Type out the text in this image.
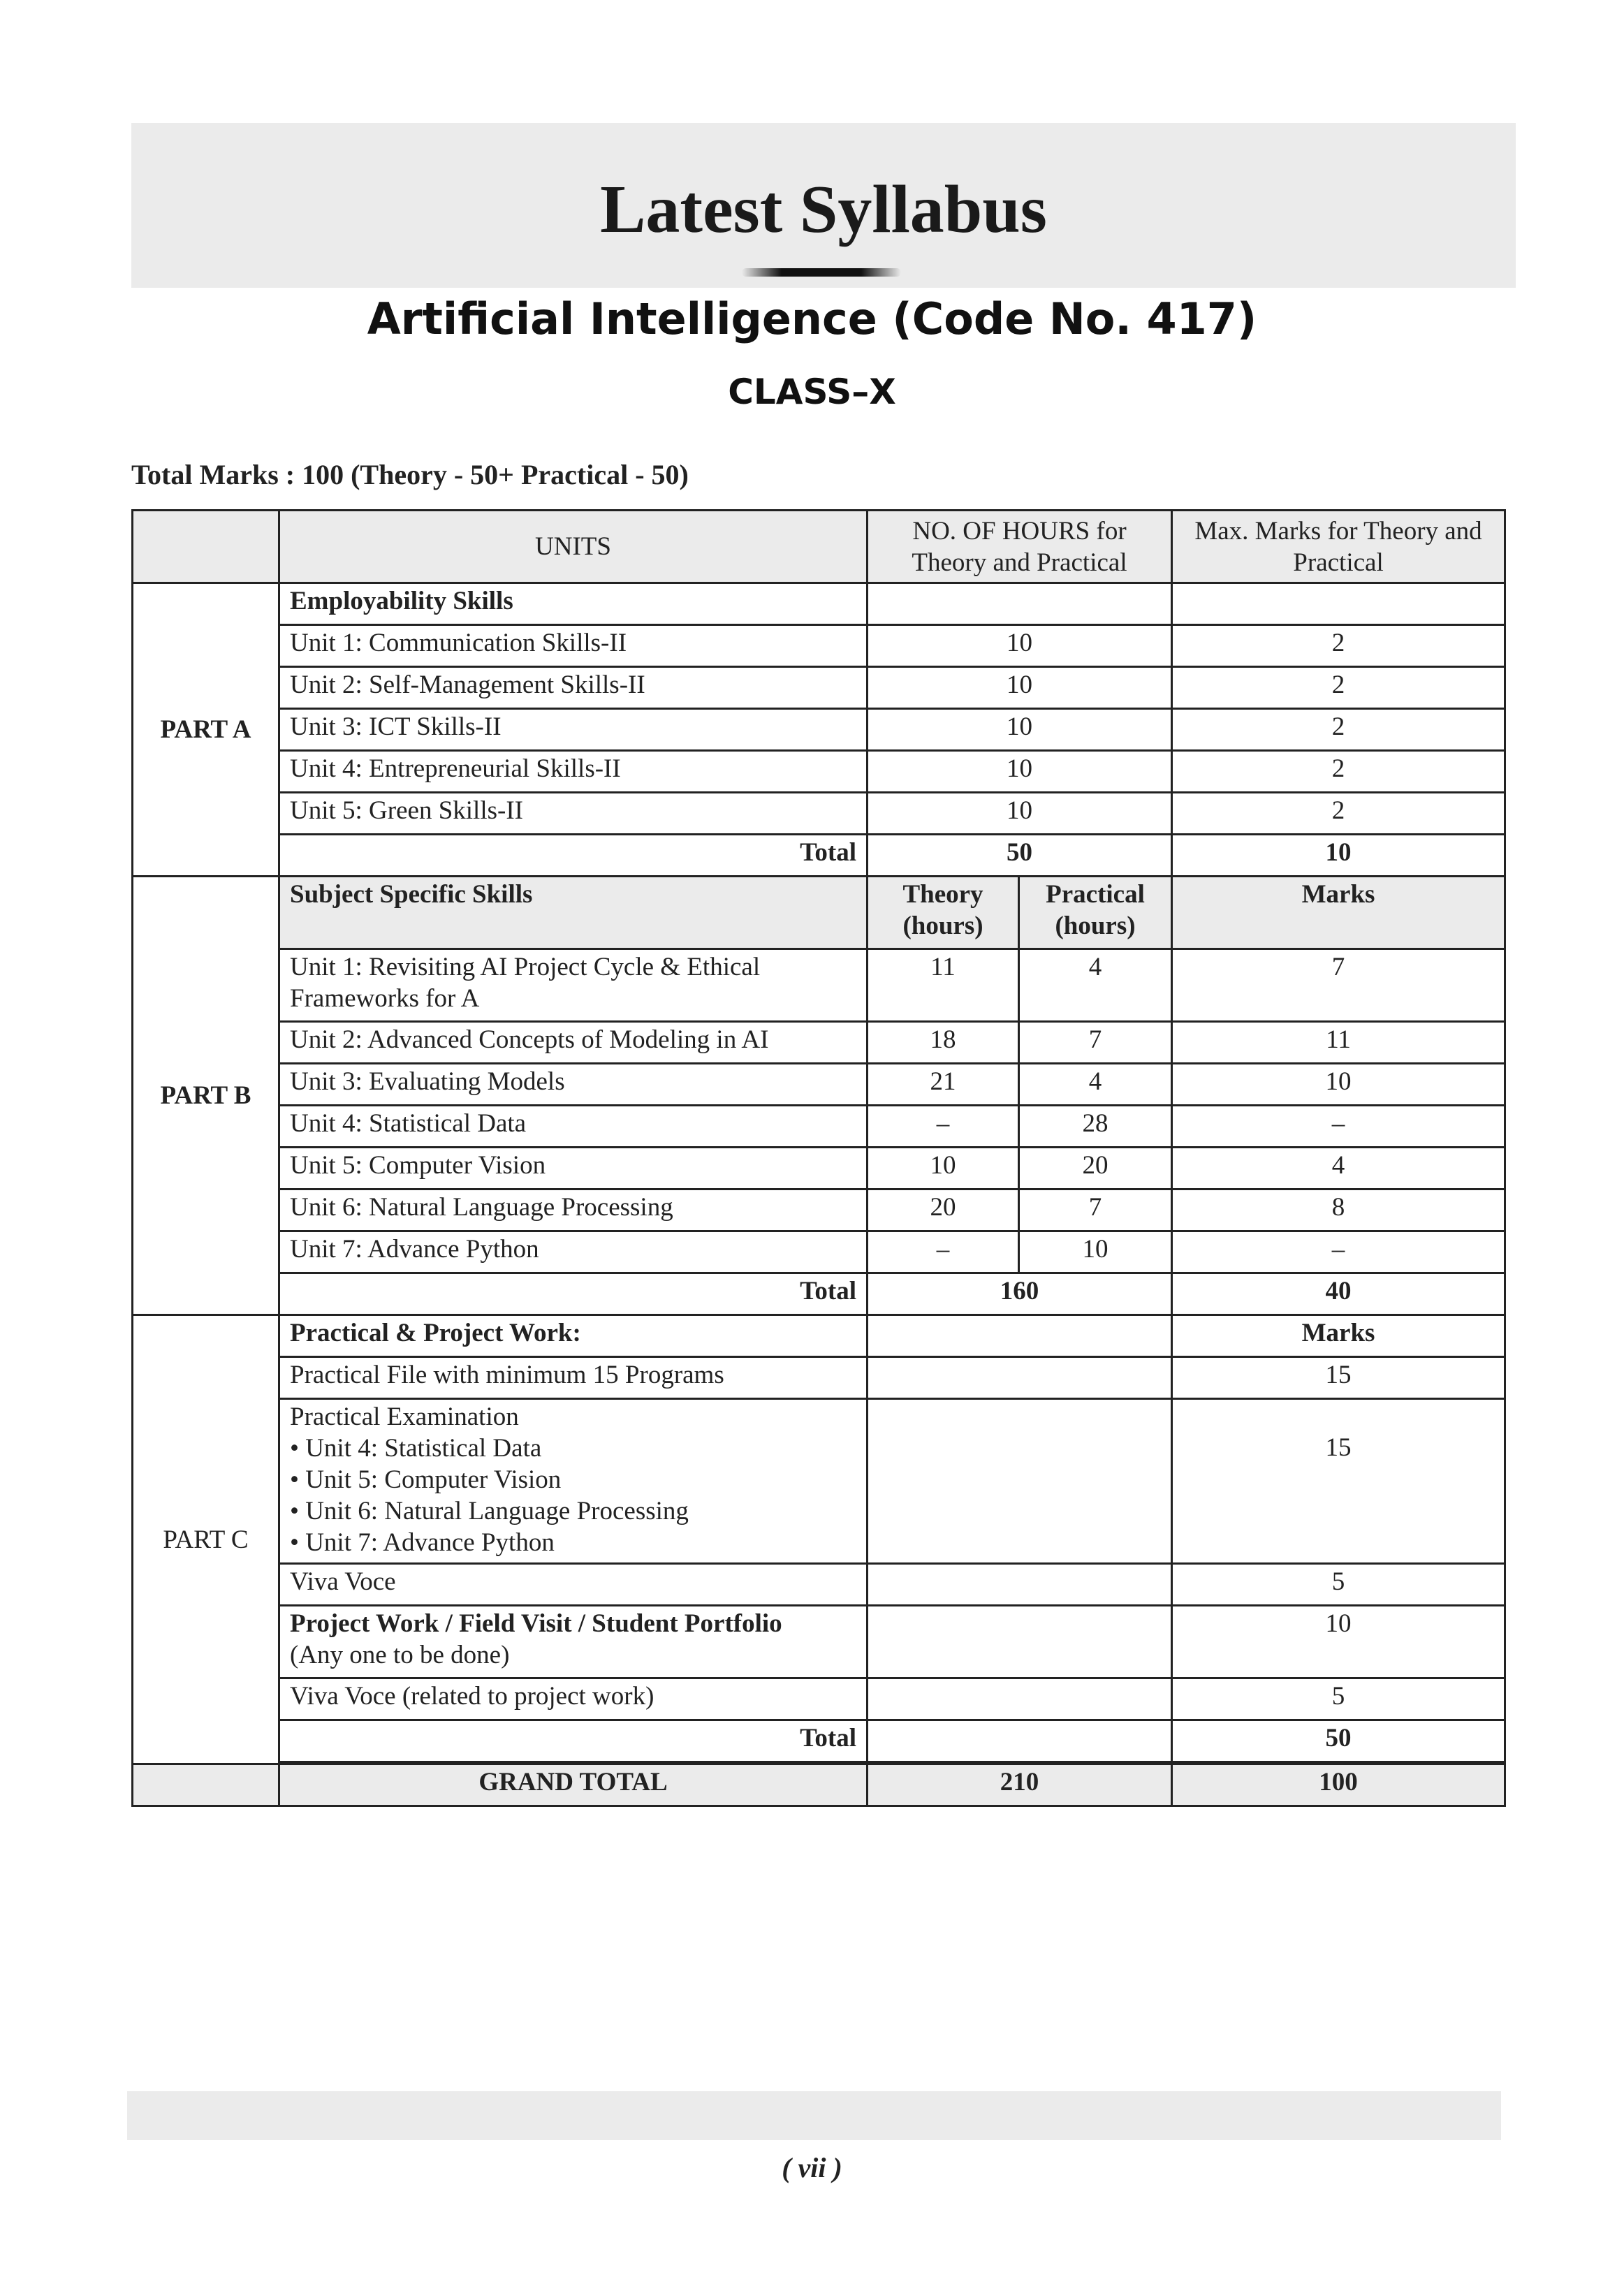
Latest Syllabus
Artificial Intelligence (Code No. 417)
CLASS–X
Total Marks : 100 (Theory - 50+ Practical - 50)
	UNITS	NO. OF HOURS for Theory and Practical		Max. Marks for Theory and Practical
PART A	Employability Skills			
	Unit 1: Communication Skills-II	10		2
	Unit 2: Self-Management Skills-II	10		2
	Unit 3: ICT Skills-II	10		2
	Unit 4: Entrepreneurial Skills-II	10		2
	Unit 5: Green Skills-II	10		2
	Total	50		10
PART B	Subject Specific Skills	Theory (hours)	Practical (hours)	Marks
	Unit 1: Revisiting AI Project Cycle & Ethical Frameworks for A	11	4	7
	Unit 2: Advanced Concepts of Modeling in AI	18	7	11
	Unit 3: Evaluating Models	21	4	10
	Unit 4: Statistical Data	–	28	–
	Unit 5: Computer Vision	10	20	4
	Unit 6: Natural Language Processing	20	7	8
	Unit 7: Advance Python	–	10	–
	Total	160		40
PART C	Practical & Project Work:			Marks
	Practical File with minimum 15 Programs			15

	Practical Examination
• Unit 4: Statistical Data
• Unit 5: Computer Vision
• Unit 6: Natural Language Processing
• Unit 7: Advance Python			15
	Viva Voce			5

	Project Work / Field Visit / Student Portfolio
(Any one to be done)			10
	Viva Voce (related to project work)			5
	Total			50

	GRAND TOTAL	210		100
( vii )
